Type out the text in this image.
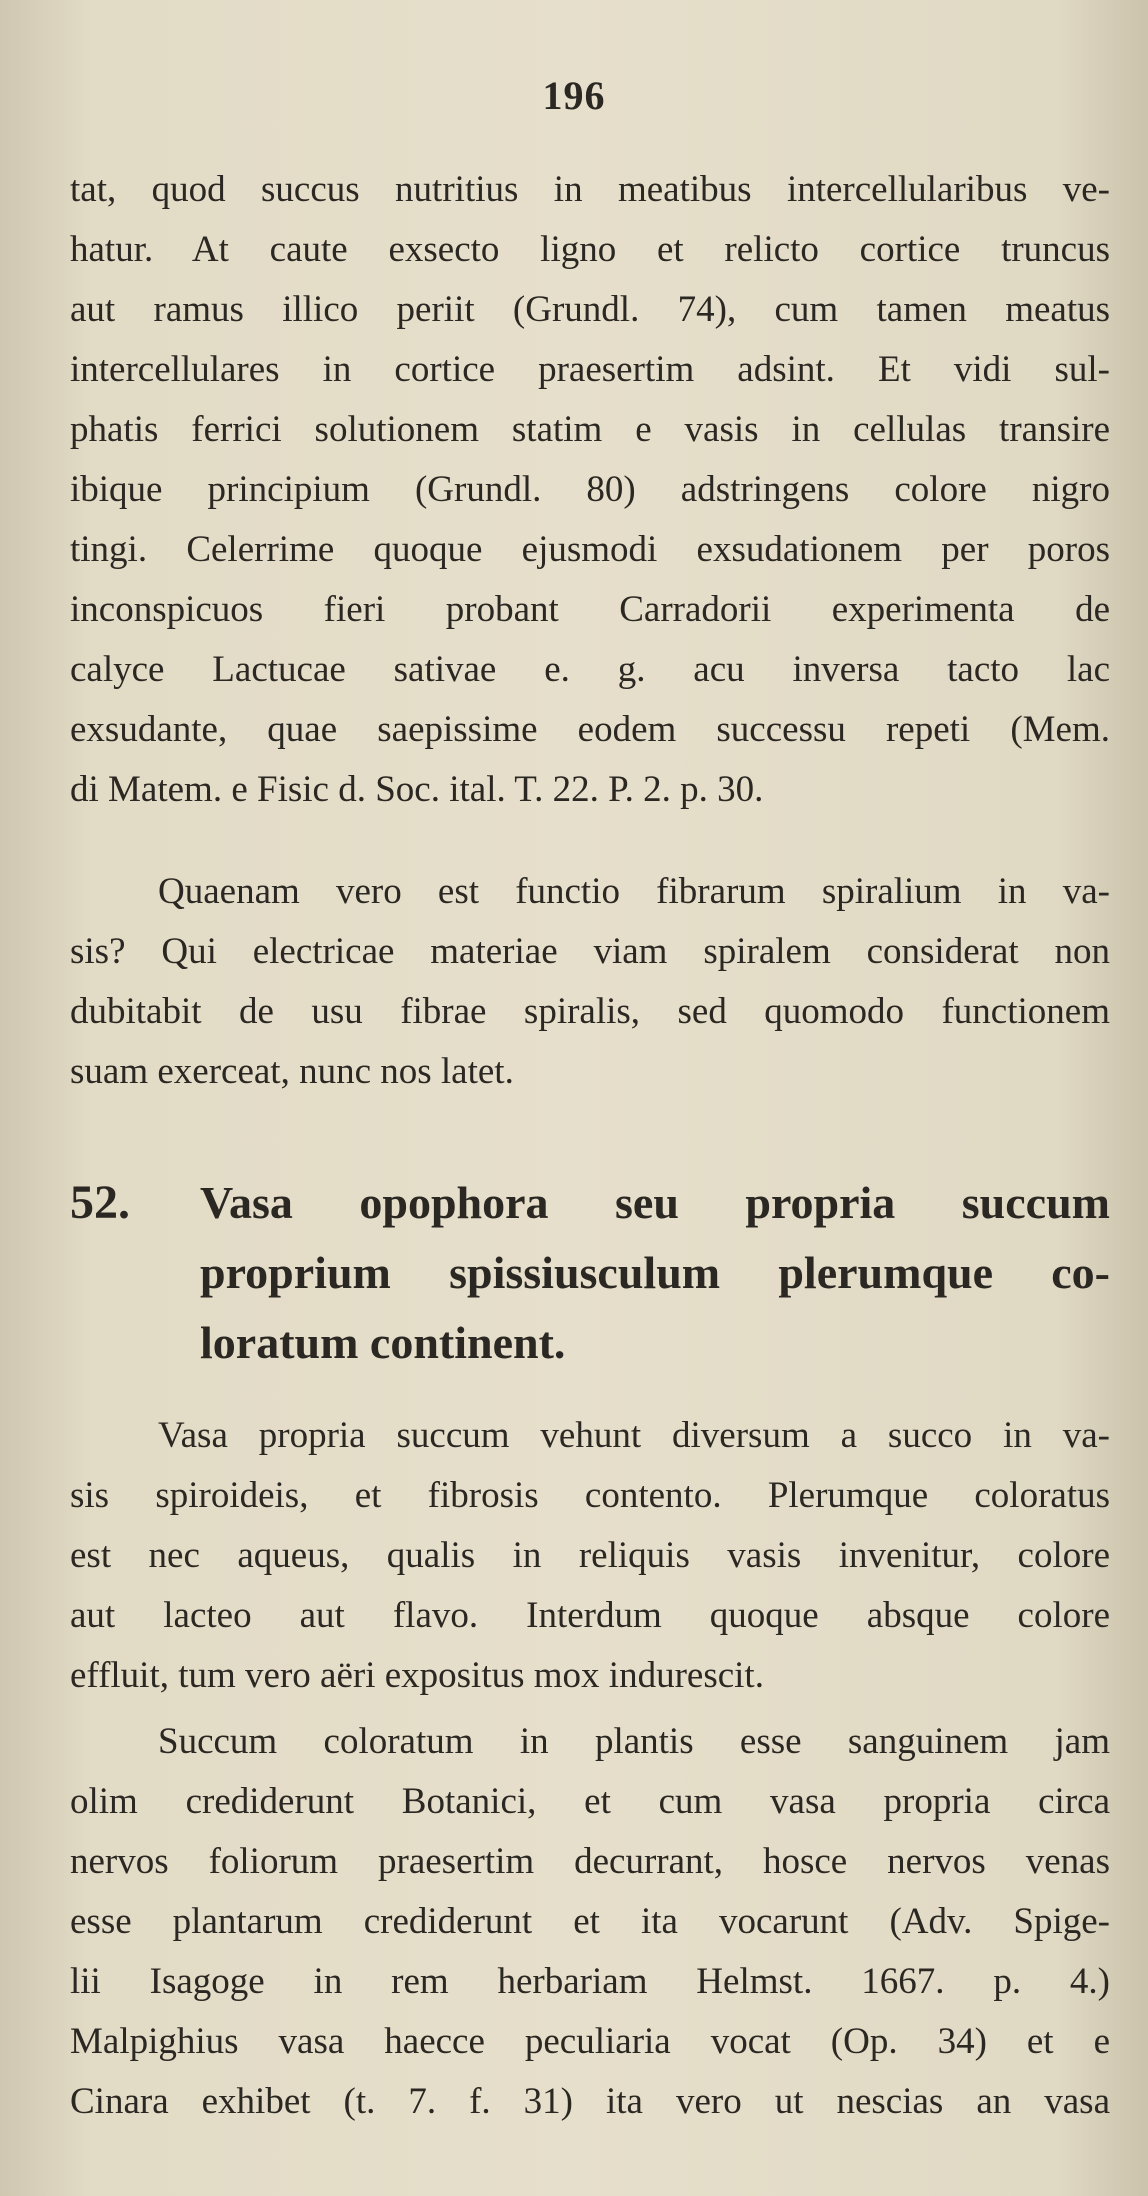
196
tat, quod succus nutritius in meatibus intercellularibus ve-
hatur. At caute exsecto ligno et relicto cortice truncus
aut ramus illico periit (Grundl. 74), cum tamen meatus
intercellulares in cortice praesertim adsint. Et vidi sul-
phatis ferrici solutionem statim e vasis in cellulas transire
ibique principium (Grundl. 80) adstringens colore nigro
tingi. Celerrime quoque ejusmodi exsudationem per poros
inconspicuos fieri probant Carradorii experimenta de
calyce Lactucae sativae e. g. acu inversa tacto lac
exsudante, quae saepissime eodem successu repeti (Mem.
di Matem. e Fisic d. Soc. ital. T. 22. P. 2. p. 30.
Quaenam vero est functio fibrarum spiralium in va-
sis? Qui electricae materiae viam spiralem considerat non
dubitabit de usu fibrae spiralis, sed quomodo functionem
suam exerceat, nunc nos latet.
52. Vasa opophora seu propria succum
proprium spissiusculum plerumque co-
loratum continent.
Vasa propria succum vehunt diversum a succo in va-
sis spiroideis, et fibrosis contento. Plerumque coloratus
est nec aqueus, qualis in reliquis vasis invenitur, colore
aut lacteo aut flavo. Interdum quoque absque colore
effluit, tum vero aëri expositus mox indurescit.
Succum coloratum in plantis esse sanguinem jam
olim crediderunt Botanici, et cum vasa propria circa
nervos foliorum praesertim decurrant, hosce nervos venas
esse plantarum crediderunt et ita vocarunt (Adv. Spige-
lii Isagoge in rem herbariam Helmst. 1667. p. 4.)
Malpighius vasa haecce peculiaria vocat (Op. 34) et e
Cinara exhibet (t. 7. f. 31) ita vero ut nescias an vasa
